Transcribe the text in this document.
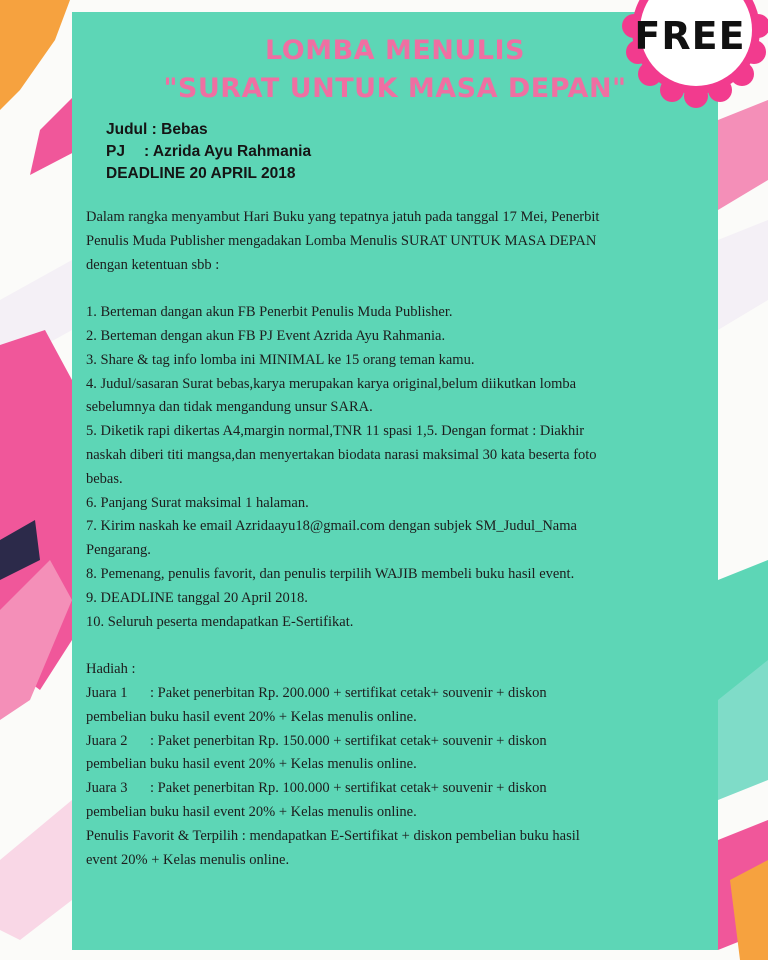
LOMBA MENULIS
"SURAT UNTUK MASA DEPAN"
Judul
: Bebas
PJ	: Azrida Ayu Rahmania
DEADLINE 20 APRIL 2018

Dalam rangka menyambut Hari Buku yang tepatnya jatuh pada tanggal 17 Mei, Penerbit

Penulis Muda Publisher mengadakan Lomba Menulis SURAT UNTUK MASA DEPAN

dengan ketentuan sbb :

1. Berteman dangan akun FB Penerbit Penulis Muda Publisher.

2. Berteman dengan akun FB PJ Event Azrida Ayu Rahmania.

3. Share & tag info lomba ini MINIMAL ke 15 orang teman kamu.

4. Judul/sasaran Surat bebas,karya merupakan karya original,belum diikutkan lomba

sebelumnya dan tidak mengandung unsur SARA.

5. Diketik rapi dikertas A4,margin normal,TNR 11 spasi 1,5. Dengan format : Diakhir

naskah diberi titi mangsa,dan menyertakan biodata narasi maksimal 30 kata beserta foto

bebas.

6. Panjang Surat maksimal 1 halaman.

7. Kirim naskah ke email Azridaayu18@gmail.com dengan subjek SM_Judul_Nama

Pengarang.

8. Pemenang, penulis favorit, dan penulis terpilih WAJIB membeli buku hasil event.

9. DEADLINE tanggal 20 April 2018.

10. Seluruh peserta mendapatkan E-Sertifikat.

Hadiah :

Juara 1 : Paket penerbitan Rp. 200.000 + sertifikat cetak+ souvenir + diskon

pembelian buku hasil event 20% + Kelas menulis online.

Juara 2 : Paket penerbitan Rp. 150.000 + sertifikat cetak+ souvenir + diskon

pembelian buku hasil event 20% + Kelas menulis online.

Juara 3 : Paket penerbitan Rp. 100.000 + sertifikat cetak+ souvenir + diskon

pembelian buku hasil event 20% + Kelas menulis online.

Penulis Favorit & Terpilih : mendapatkan E-Sertifikat + diskon pembelian buku hasil

event 20% + Kelas menulis online.

FREE
